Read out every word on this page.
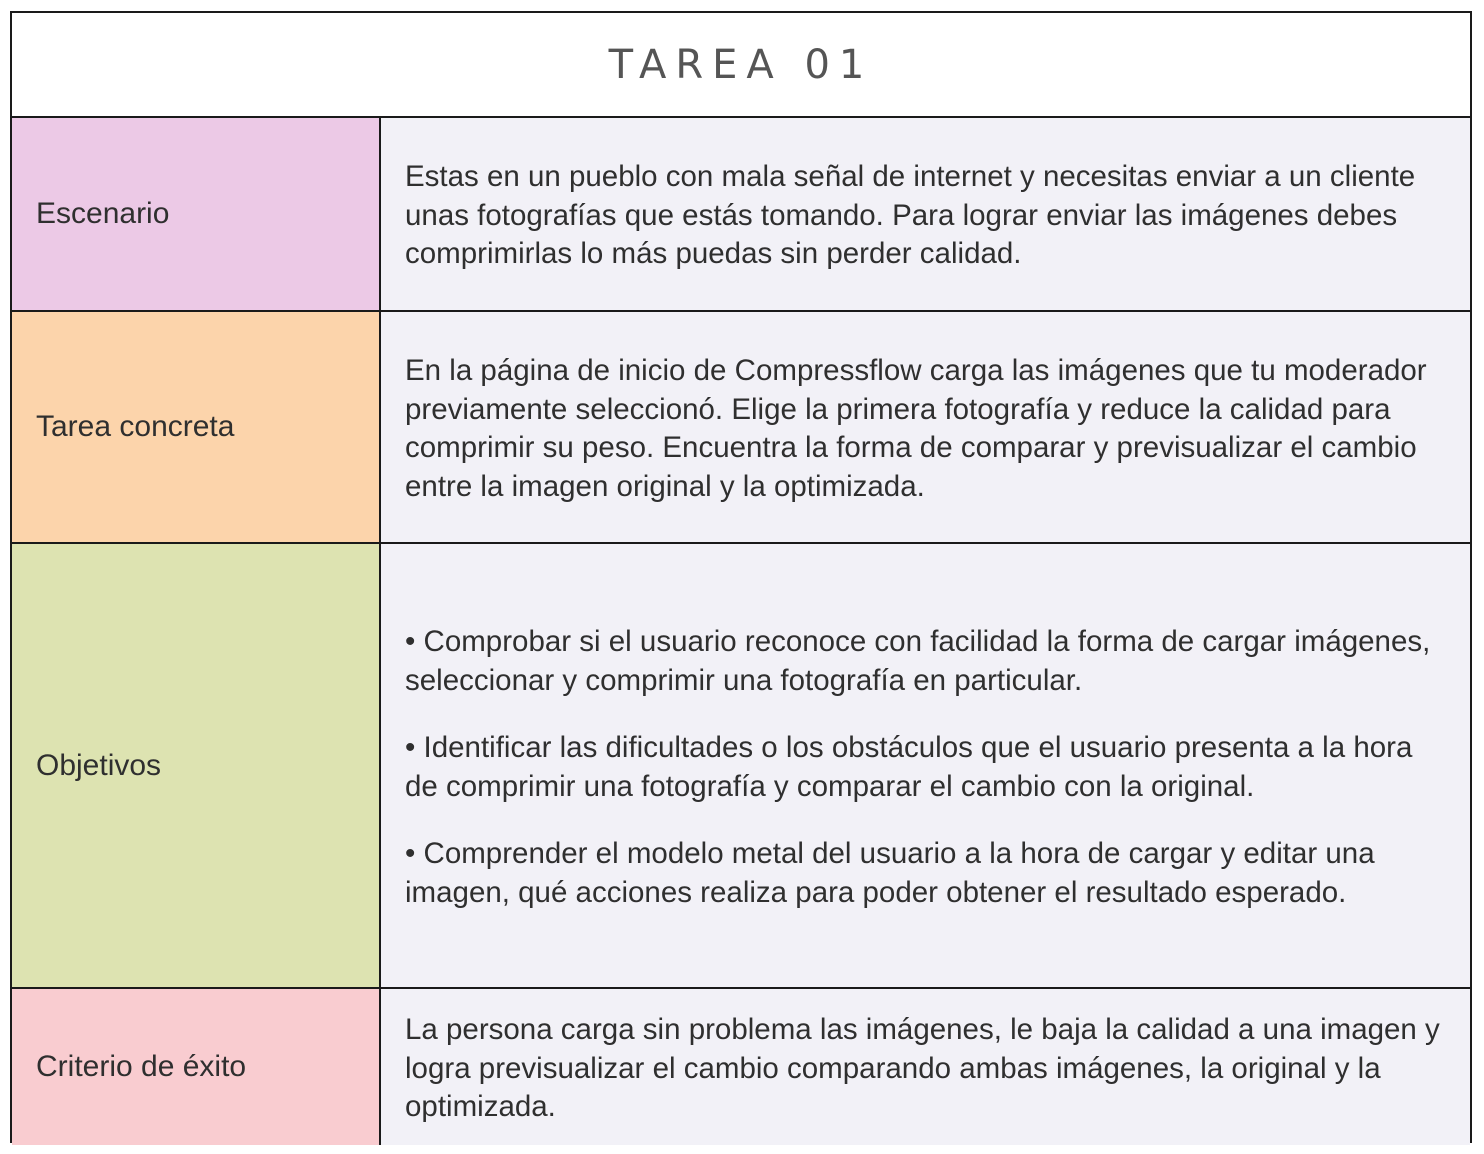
TAREA 01
Escenario

Estas en un pueblo con mala señal de internet y necesitas enviar a un cliente unas fotografías que estás tomando. Para lograr enviar las imágenes debes comprimirlas lo más puedas sin perder calidad.

Tarea concreta

En la página de inicio de Compressflow carga las imágenes que tu moderador previamente seleccionó. Elige la primera fotografía y reduce la calidad para comprimir su peso. Encuentra la forma de comparar y previsualizar el cambio entre la imagen original y la optimizada.

Objetivos

• Comprobar si el usuario reconoce con facilidad la forma de cargar imágenes, seleccionar y comprimir una fotografía en particular.

• Identificar las dificultades o los obstáculos que el usuario presenta a la hora de comprimir una fotografía y comparar el cambio con la original.

• Comprender el modelo metal del usuario a la hora de cargar y editar una imagen, qué acciones realiza para poder obtener el resultado esperado.

Criterio de éxito

La persona carga sin problema las imágenes, le baja la calidad a una imagen y logra previsualizar el cambio comparando ambas imágenes, la original y la optimizada.
